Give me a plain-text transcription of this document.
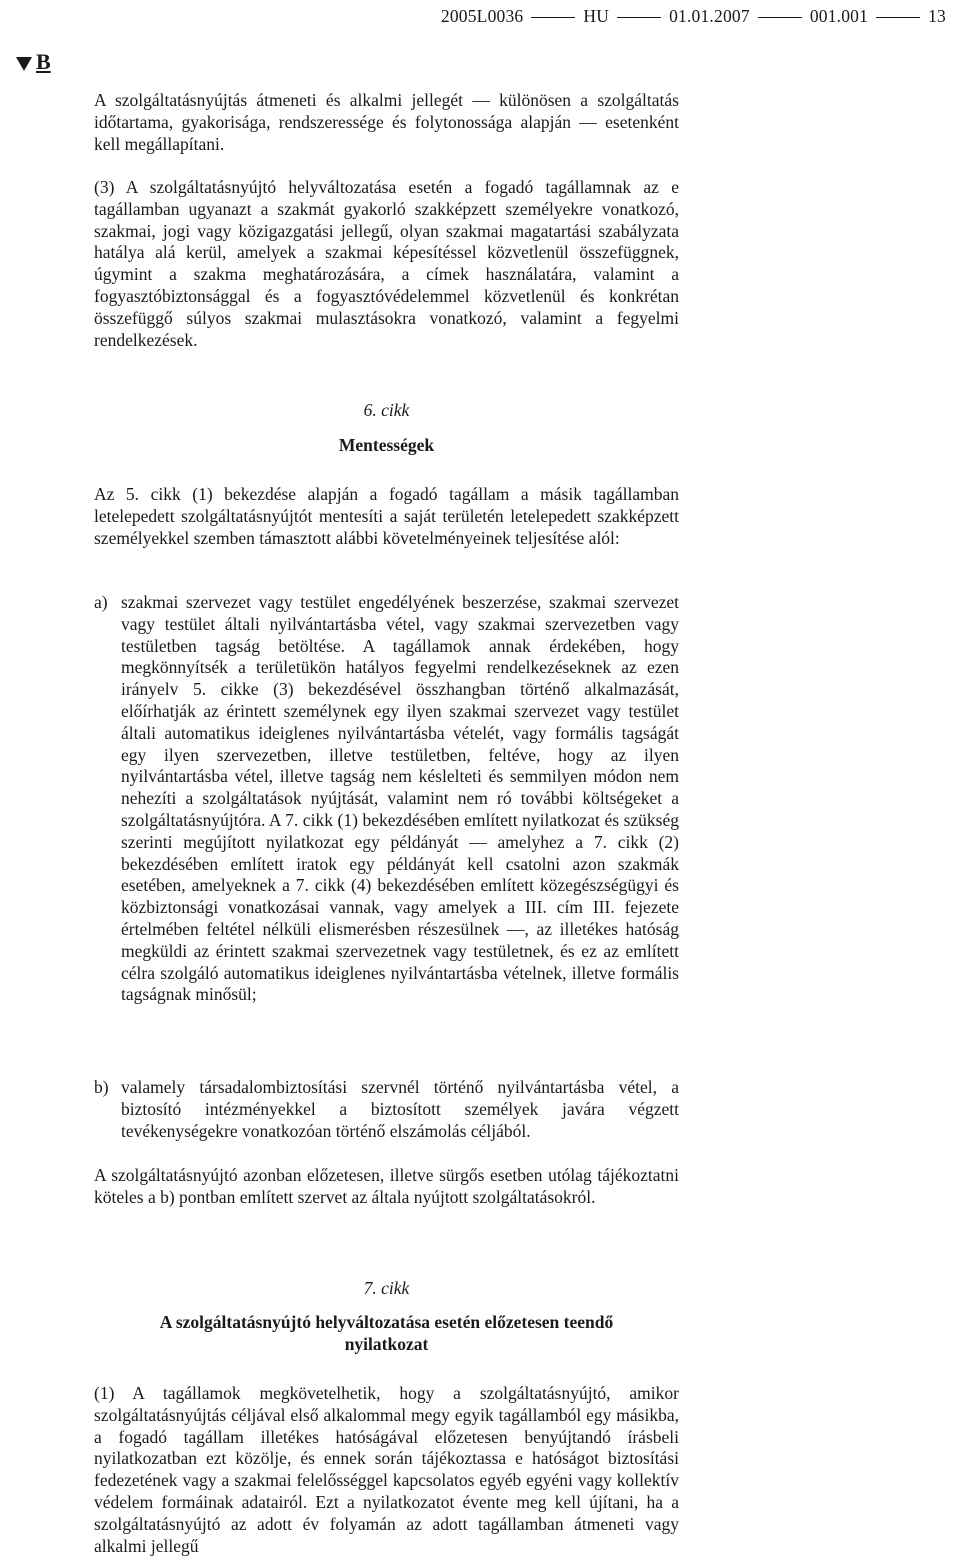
2005L0036	HU	01.01.2007	001.001	13
B

A szolgáltatásnyújtás átmeneti és alkalmi jellegét — különösen a szolgáltatás időtartama, gyakorisága, rendszeressége és folytonossága alapján — esetenként kell megállapítani.

(3) A szolgáltatásnyújtó helyváltozatása esetén a fogadó tagállamnak az e tagállamban ugyanazt a szakmát gyakorló szakképzett személyekre vonatkozó, szakmai, jogi vagy közigazgatási jellegű, olyan szakmai magatartási szabályzata hatálya alá kerül, amelyek a szakmai képesítéssel közvetlenül összefüggnek, úgymint a szakma meghatározására, a címek használatára, valamint a fogyasztóbiztonsággal és a fogyasztóvédelemmel közvetlenül és konkrétan összefüggő súlyos szakmai mulasztásokra vonatkozó, valamint a fegyelmi rendelkezések.

6. cikk
Mentességek

Az 5. cikk (1) bekezdése alapján a fogadó tagállam a másik tagállamban letelepedett szolgáltatásnyújtót mentesíti a saját területén letelepedett szakképzett személyekkel szemben támasztott alábbi követelményeinek teljesítése alól:

a) szakmai szervezet vagy testület engedélyének beszerzése, szakmai szervezet vagy testület általi nyilvántartásba vétel, vagy szakmai szervezetben vagy testületben tagság betöltése. A tagállamok annak érdekében, hogy megkönnyítsék a területükön hatályos fegyelmi rendelkezéseknek az ezen irányelv 5. cikke (3) bekezdésével összhangban történő alkalmazását, előírhatják az érintett személynek egy ilyen szakmai szervezet vagy testület általi automatikus ideiglenes nyilvántartásba vételét, vagy formális tagságát egy ilyen szervezetben, illetve testületben, feltéve, hogy az ilyen nyilvántartásba vétel, illetve tagság nem késlelteti és semmilyen módon nem nehezíti a szolgáltatások nyújtását, valamint nem ró további költségeket a szolgáltatásnyújtóra. A 7. cikk (1) bekezdésében említett nyilatkozat és szükség szerinti megújított nyilatkozat egy példányát — amelyhez a 7. cikk (2) bekezdésében említett iratok egy példányát kell csatolni azon szakmák esetében, amelyeknek a 7. cikk (4) bekezdésében említett közegészségügyi és közbiztonsági vonatkozásai vannak, vagy amelyek a III. cím III. fejezete értelmében feltétel nélküli elismerésben részesülnek —, az illetékes hatóság megküldi az érintett szakmai szervezetnek vagy testületnek, és ez az említett célra szolgáló automatikus ideiglenes nyilvántartásba vételnek, illetve formális tagságnak minősül;
b) valamely társadalombiztosítási szervnél történő nyilvántartásba vétel, a biztosító intézményekkel a biztosított személyek javára végzett tevékenységekre vonatkozóan történő elszámolás céljából.

A szolgáltatásnyújtó azonban előzetesen, illetve sürgős esetben utólag tájékoztatni köteles a b) pontban említett szervet az általa nyújtott szolgáltatásokról.

7. cikk
A szolgáltatásnyújtó helyváltozatása esetén előzetesen teendő nyilatkozat

(1) A tagállamok megkövetelhetik, hogy a szolgáltatásnyújtó, amikor szolgáltatásnyújtás céljával első alkalommal megy egyik tagállamból egy másikba, a fogadó tagállam illetékes hatóságával előzetesen benyújtandó írásbeli nyilatkozatban ezt közölje, és ennek során tájékoztassa e hatóságot biztosítási fedezetének vagy a szakmai felelősséggel kapcsolatos egyéb egyéni vagy kollektív védelem formáinak adatairól. Ezt a nyilatkozatot évente meg kell újítani, ha a szolgáltatásnyújtó az adott év folyamán az adott tagállamban átmeneti vagy alkalmi jellegű
